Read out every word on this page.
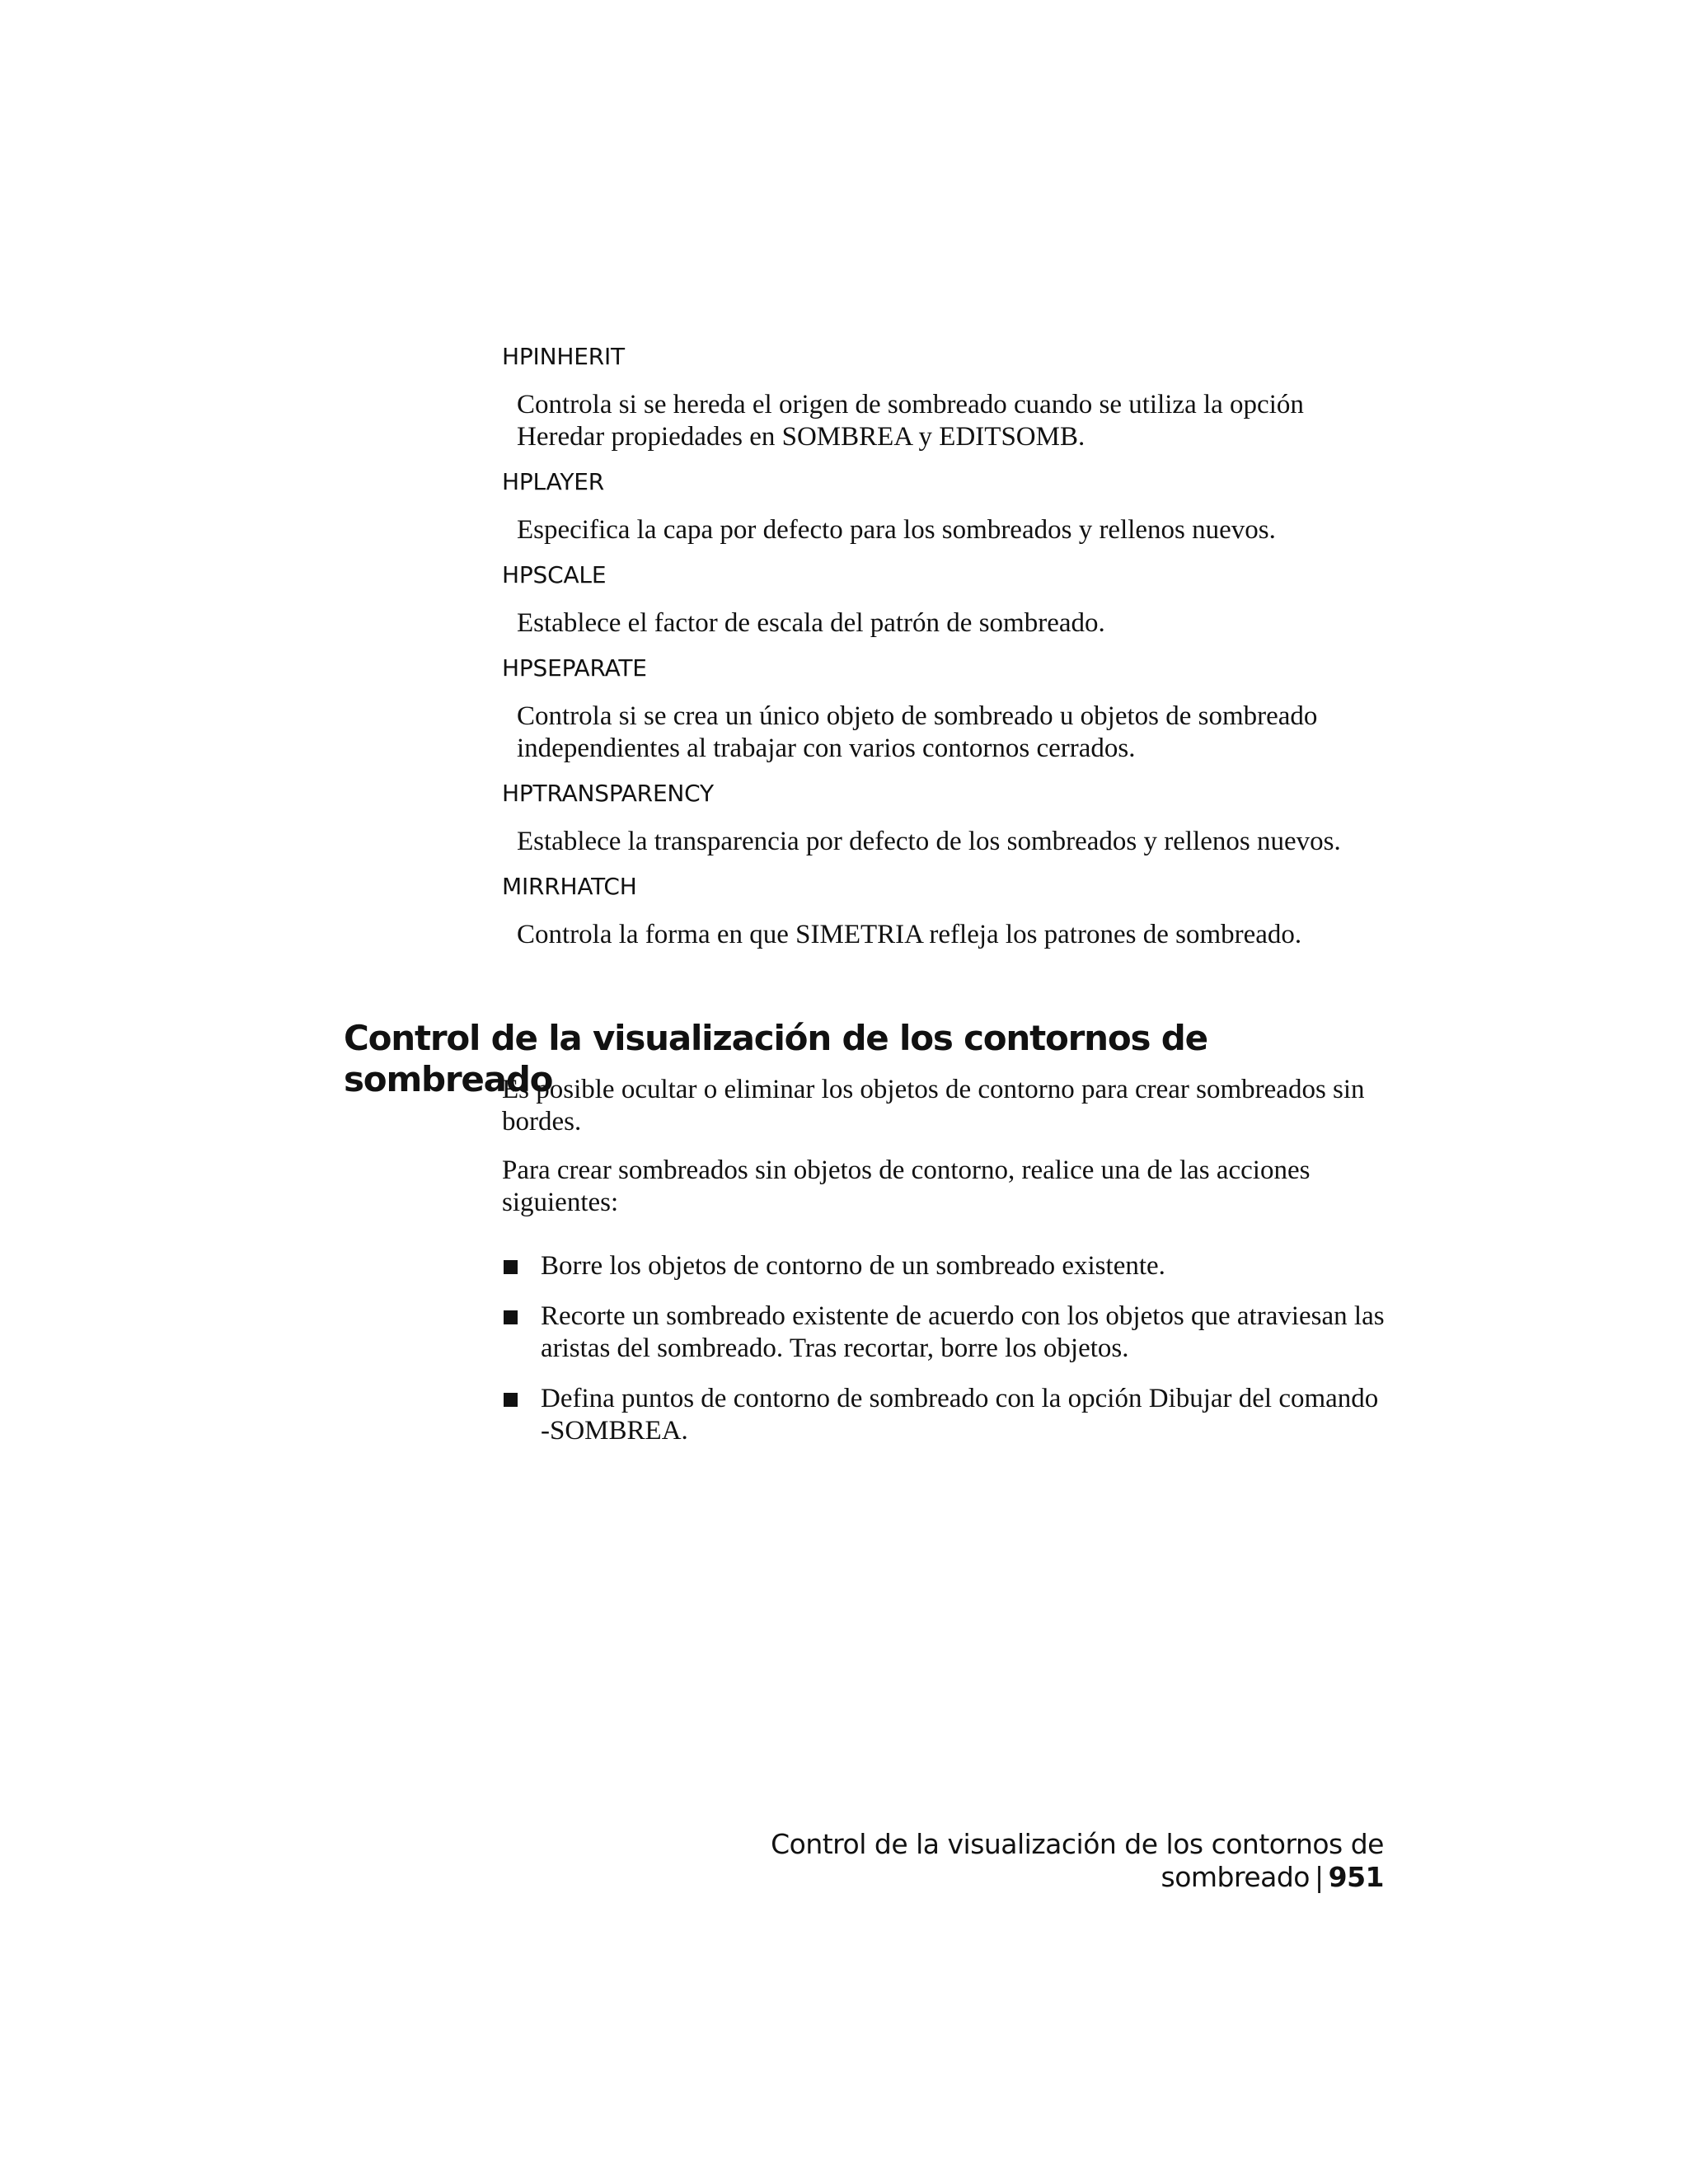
HPINHERIT

Controla si se hereda el origen de sombreado cuando se utiliza la opción Heredar propiedades en SOMBREA y EDITSOMB.

HPLAYER

Especifica la capa por defecto para los sombreados y rellenos nuevos.

HPSCALE

Establece el factor de escala del patrón de sombreado.

HPSEPARATE

Controla si se crea un único objeto de sombreado u objetos de sombreado independientes al trabajar con varios contornos cerrados.

HPTRANSPARENCY

Establece la transparencia por defecto de los sombreados y rellenos nuevos.

MIRRHATCH

Controla la forma en que SIMETRIA refleja los patrones de sombreado.

Control de la visualización de los contornos de sombreado

Es posible ocultar o eliminar los objetos de contorno para crear sombreados sin bordes.

Para crear sombreados sin objetos de contorno, realice una de las acciones siguientes:

Borre los objetos de contorno de un sombreado existente.
Recorte un sombreado existente de acuerdo con los objetos que atraviesan las aristas del sombreado. Tras recortar, borre los objetos.
Defina puntos de contorno de sombreado con la opción Dibujar del comando -SOMBREA.
Control de la visualización de los contornos de sombreado | 951
